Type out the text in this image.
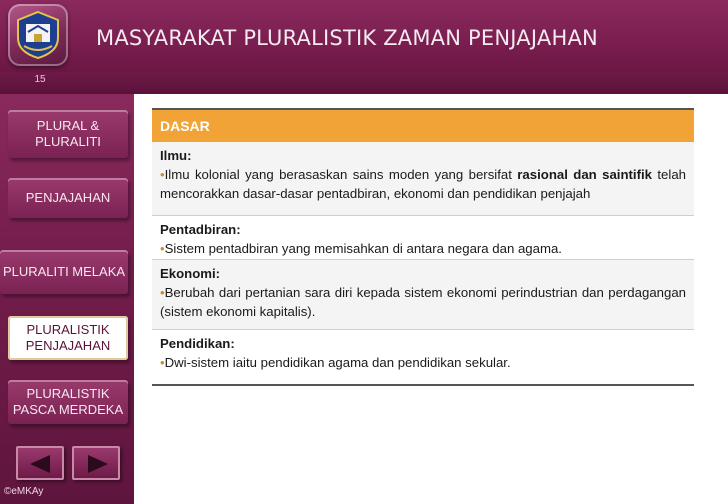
MASYARAKAT PLURALISTIK ZAMAN PENJAJAHAN
15
PLURAL &
PLURALITI
PENJAJAHAN
PLURALITI MELAKA
PLURALISTIK
PENJAJAHAN
PLURALISTIK
PASCA MERDEKA
©eMKAy
DASAR
Ilmu:
•Ilmu kolonial yang berasaskan sains moden yang bersifat rasional dan saintifik telah mencorakkan dasar-dasar pentadbiran, ekonomi dan pendidikan penjajah
Pentadbiran:
•Sistem pentadbiran yang memisahkan di antara negara dan agama.
Ekonomi:
•Berubah dari pertanian sara diri kepada sistem ekonomi perindustrian dan perdagangan (sistem ekonomi kapitalis).
Pendidikan:
•Dwi-sistem iaitu pendidikan agama dan pendidikan sekular.
